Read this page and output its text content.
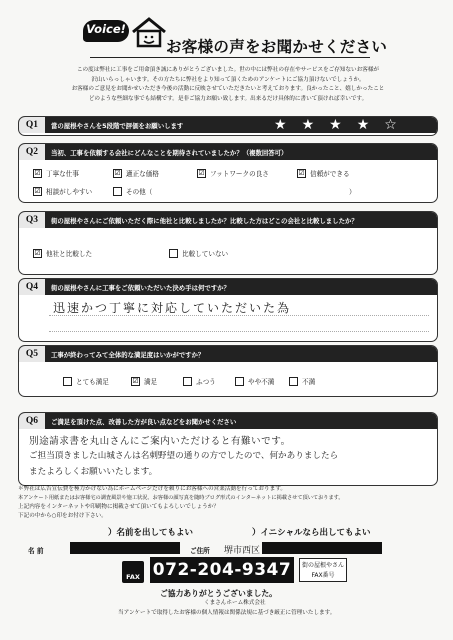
Voice!
お客様の声をお聞かせください
この度は弊社に工事をご用命頂き誠にありがとうございました。世の中には弊社の存在やサービスをご存知ないお客様が
沢山いらっしゃいます。その方たちに弊社をより知って頂くためのアンケートにご協力頂けないでしょうか。
お客様のご意見をお聞かせいただき今後の活動に反映させていただきたいと考えております。良かったこと、嬉しかったこと
どのような些細な事でも結構です。是非ご協力お願い致します。出来るだけ具体的に書いて頂ければ幸いです。
Q1	當の屋根やさんを5段階で評価をお願いします	★ ★ ★ ★ ☆
Q2	当初、工事を依頼する会社にどんなことを期待されていましたか？（複数回答可）
☑ 丁寧な仕事	☑ 適正な価格	☑ フットワークの良さ	☑ 信頼ができる
☑ 相談がしやすい	その他（	）
Q3	街の屋根やさんにご依頼いただく際に他社と比較しましたか？比較した方はどこの会社と比較しましたか？
☑ 他社と比較した	比較していない
Q4	街の屋根やさんに工事をご依頼いただいた決め手は何ですか？
迅速かつ丁寧に対応していただいた為
Q5	工事が終わってみて全体的な満足度はいかがですか？
とても満足	☑ 満足	ふつう	やや不満	不満
Q6	ご満足を頂けた点、改善した方が良い点などをお聞かせください
別途請求書を丸山さんにご案内いただけると有難いです。
ご担当頂きました山城さんは名刺野望の通りの方でしたので、何かありましたら
またよろしくお願いいたします。
＊弊社は広告宣伝費を極力かけない為にホームページだけを頼りにお客様への営業活動を行っております。
本アンケート用紙またはお客様宅の調査風景や施工状況、お客様の顔写真を随時ブログ形式のインターネットに掲載させて頂いております。
上記内容をインターネットや印刷物に掲載させて頂いてもよろしいでしょうか？
下記の中から○印をお付け下さい。
）名前を出してもよい	）イニシャルなら出してもよい
名 前	ご住所 堺市西区
FAX 072-204-9347	街の屋根やさん
FAX番号
ご協力ありがとうございました。
くまさんホーム株式会社
当アンケートで取得したお客様の個人情報は関係法規に基づき厳正に管理いたします。
